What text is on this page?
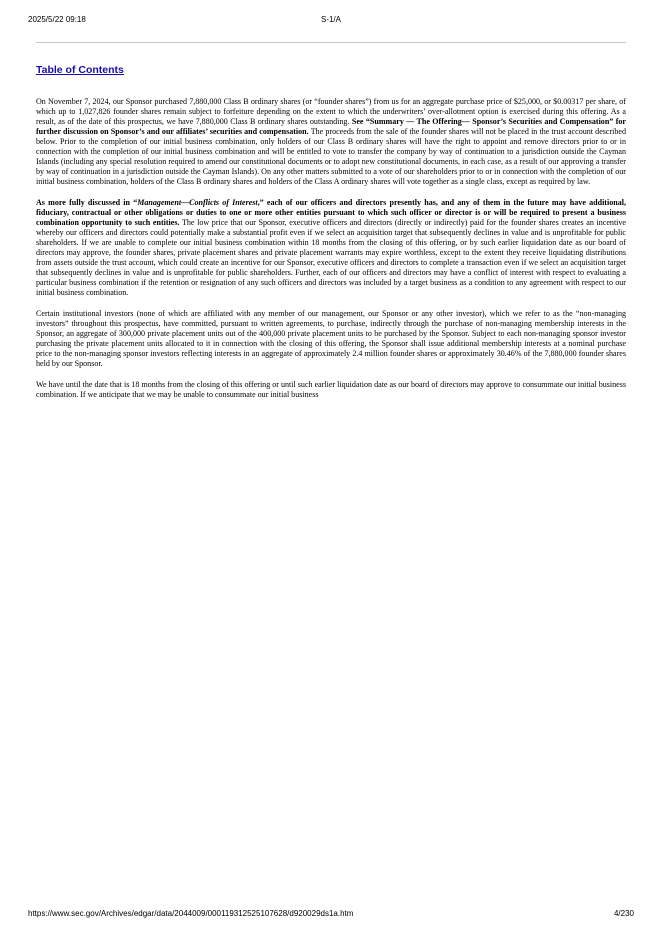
S-1/A
2025/5/22 09:18
Table of Contents

On November 7, 2024, our Sponsor purchased 7,880,000 Class B ordinary shares (or “founder shares”) from us for an aggregate purchase price of $25,000, or $0.00317 per share, of which up to 1,027,826 founder shares remain subject to forfeiture depending on the extent to which the underwriters’ over-allotment option is exercised during this offering. As a result, as of the date of this prospectus, we have 7,880,000 Class B ordinary shares outstanding. See “Summary — The Offering— Sponsor’s Securities and Compensation” for further discussion on Sponsor’s and our affiliates’ securities and compensation. The proceeds from the sale of the founder shares will not be placed in the trust account described below. Prior to the completion of our initial business combination, only holders of our Class B ordinary shares will have the right to appoint and remove directors prior to or in connection with the completion of our initial business combination and will be entitled to vote to transfer the company by way of continuation to a jurisdiction outside the Cayman Islands (including any special resolution required to amend our constitutional documents or to adopt new constitutional documents, in each case, as a result of our approving a transfer by way of continuation in a jurisdiction outside the Cayman Islands). On any other matters submitted to a vote of our shareholders prior to or in connection with the completion of our initial business combination, holders of the Class B ordinary shares and holders of the Class A ordinary shares will vote together as a single class, except as required by law.

As more fully discussed in “Management—Conflicts of Interest,” each of our officers and directors presently has, and any of them in the future may have additional, fiduciary, contractual or other obligations or duties to one or more other entities pursuant to which such officer or director is or will be required to present a business combination opportunity to such entities. The low price that our Sponsor, executive officers and directors (directly or indirectly) paid for the founder shares creates an incentive whereby our officers and directors could potentially make a substantial profit even if we select an acquisition target that subsequently declines in value and is unprofitable for public shareholders. If we are unable to complete our initial business combination within 18 months from the closing of this offering, or by such earlier liquidation date as our board of directors may approve, the founder shares, private placement shares and private placement warrants may expire worthless, except to the extent they receive liquidating distributions from assets outside the trust account, which could create an incentive for our Sponsor, executive officers and directors to complete a transaction even if we select an acquisition target that subsequently declines in value and is unprofitable for public shareholders. Further, each of our officers and directors may have a conflict of interest with respect to evaluating a particular business combination if the retention or resignation of any such officers and directors was included by a target business as a condition to any agreement with respect to our initial business combination.

Certain institutional investors (none of which are affiliated with any member of our management, our Sponsor or any other investor), which we refer to as the “non-managing investors” throughout this prospectus, have committed, pursuant to written agreements, to purchase, indirectly through the purchase of non-managing membership interests in the Sponsor, an aggregate of 300,000 private placement units out of the 400,000 private placement units to be purchased by the Sponsor. Subject to each non-managing sponsor investor purchasing the private placement units allocated to it in connection with the closing of this offering, the Sponsor shall issue additional membership interests at a nominal purchase price to the non-managing sponsor investors reflecting interests in an aggregate of approximately 2.4 million founder shares or approximately 30.46% of the 7,880,000 founder shares held by our Sponsor.

We have until the date that is 18 months from the closing of this offering or until such earlier liquidation date as our board of directors may approve to consummate our initial business combination. If we anticipate that we may be unable to consummate our initial business

https://www.sec.gov/Archives/edgar/data/2044009/000119312525107628/d920029ds1a.htm	4/230
